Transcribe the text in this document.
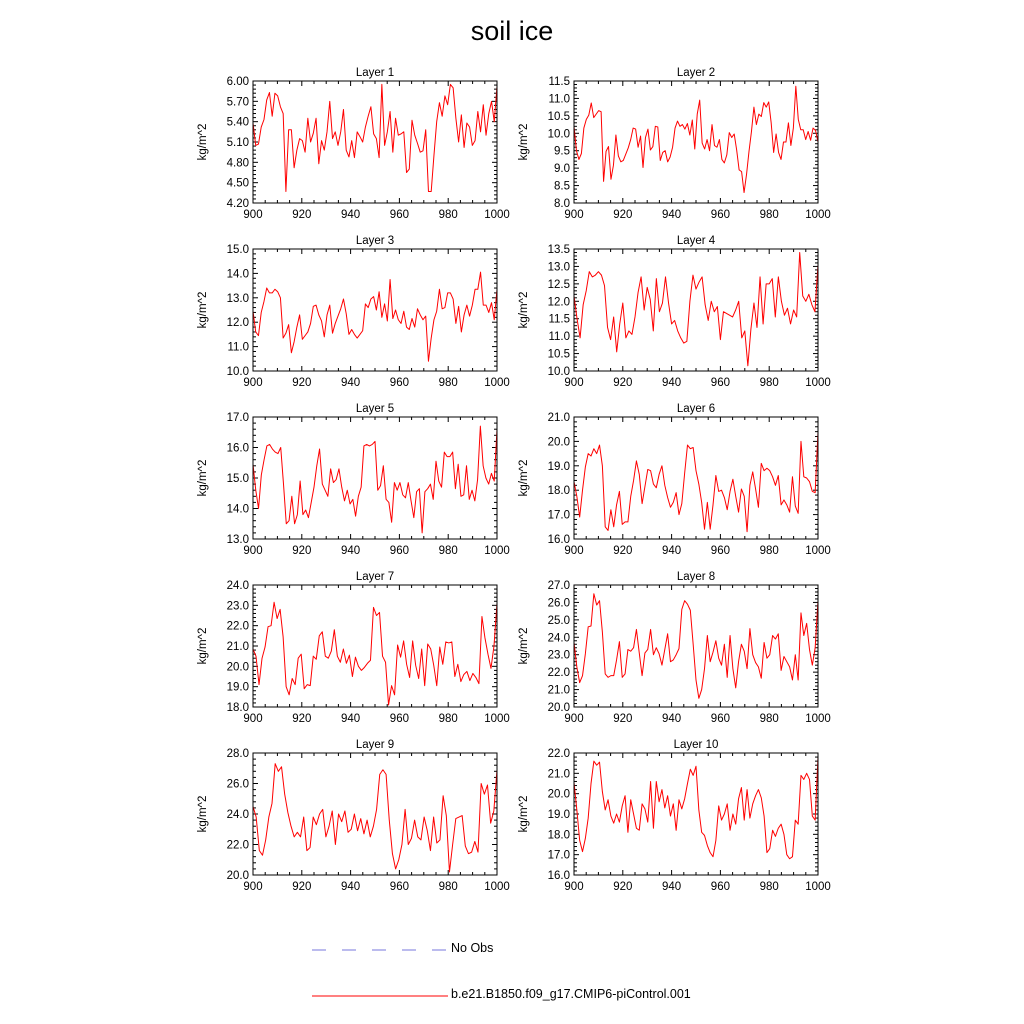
soil ice
Layer 1
kg/m^2
900	920	940	960	980 1000
4.20
4.50
4.80
5.10
5.40
5.70
6.00
Layer 2
kg/m^2
900	920	940	960	980 1000
8.0
8.5
9.0
9.5
10.0
10.5
11.0
11.5
Layer 3
kg/m^2
900	920	940	960	980 1000
10.0
11.0
12.0
13.0
14.0
15.0
Layer 4
kg/m^2
900	920	940	960	980 1000
10.0
10.5
11.0
11.5
12.0
12.5
13.0
13.5
Layer 5
kg/m^2
900	920	940	960	980 1000
13.0
14.0
15.0
16.0
17.0
Layer 6
kg/m^2
900	920	940	960	980 1000
16.0
17.0
18.0
19.0
20.0
21.0
Layer 7
kg/m^2
900	920	940	960	980 1000
18.0
19.0
20.0
21.0
22.0
23.0
24.0
Layer 8
kg/m^2
900	920	940	960	980 1000
20.0
21.0
22.0
23.0
24.0
25.0
26.0
27.0
Layer 9
kg/m^2
900	920	940	960	980 1000
20.0
22.0
24.0
26.0
28.0
Layer 10
kg/m^2
900	920	940	960	980 1000
16.0
17.0
18.0
19.0
20.0
21.0
22.0
No Obs
b.e21.B1850.f09_g17.CMIP6-piControl.001
